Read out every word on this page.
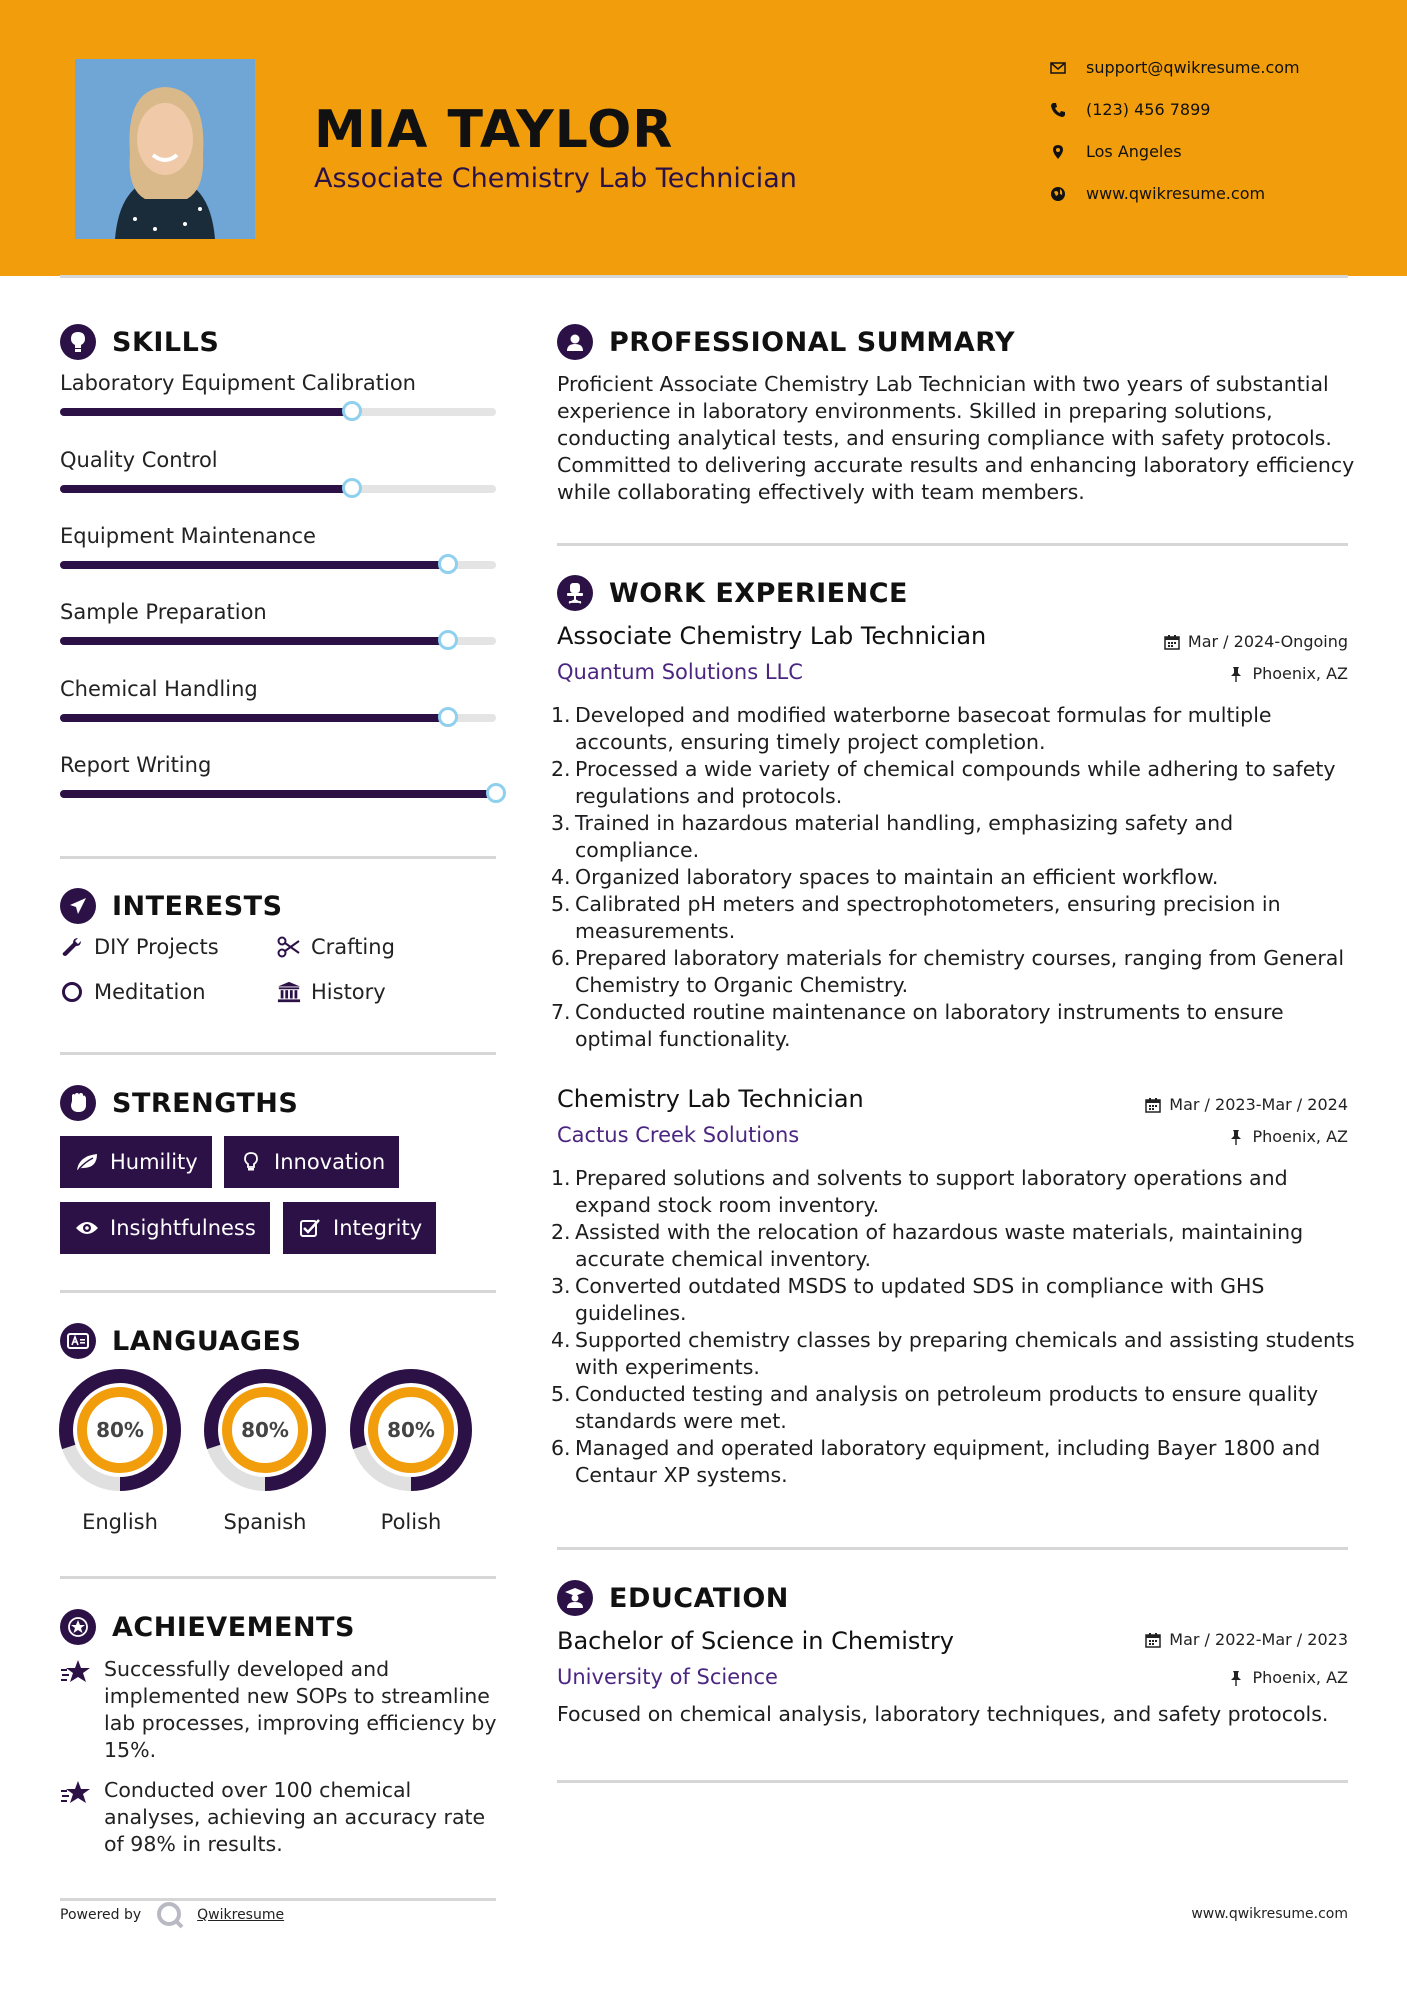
MIA TAYLOR
Associate Chemistry Lab Technician
support@qwikresume.com
(123) 456 7899
Los Angeles
www.qwikresume.com
SKILLS
Laboratory Equipment Calibration
Quality Control
Equipment Maintenance
Sample Preparation
Chemical Handling
Report Writing
INTERESTS
DIY Projects	Crafting
Meditation	History
STRENGTHS
Humility	Innovation
Insightfulness	Integrity
LANGUAGES
80%
English
80%
Spanish
80%
Polish
ACHIEVEMENTS
Successfully developed and implemented new SOPs to streamline lab processes, improving efficiency by 15%.
Conducted over 100 chemical analyses, achieving an accuracy rate of 98% in results.
PROFESSIONAL SUMMARY
Proficient Associate Chemistry Lab Technician with two years of substantial experience in laboratory environments. Skilled in preparing solutions, conducting analytical tests, and ensuring compliance with safety protocols. Committed to delivering accurate results and enhancing laboratory efficiency while collaborating effectively with team members.
WORK EXPERIENCE
Associate Chemistry Lab Technician	Mar / 2024-Ongoing
Quantum Solutions LLC	Phoenix, AZ
1. Developed and modified waterborne basecoat formulas for multiple accounts, ensuring timely project completion.
2. Processed a wide variety of chemical compounds while adhering to safety regulations and protocols.
3. Trained in hazardous material handling, emphasizing safety and compliance.
4. Organized laboratory spaces to maintain an efficient workflow.
5. Calibrated pH meters and spectrophotometers, ensuring precision in measurements.
6. Prepared laboratory materials for chemistry courses, ranging from General Chemistry to Organic Chemistry.
7. Conducted routine maintenance on laboratory instruments to ensure optimal functionality.
Chemistry Lab Technician	Mar / 2023-Mar / 2024
Cactus Creek Solutions	Phoenix, AZ
1. Prepared solutions and solvents to support laboratory operations and expand stock room inventory.
2. Assisted with the relocation of hazardous waste materials, maintaining accurate chemical inventory.
3. Converted outdated MSDS to updated SDS in compliance with GHS guidelines.
4. Supported chemistry classes by preparing chemicals and assisting students with experiments.
5. Conducted testing and analysis on petroleum products to ensure quality standards were met.
6. Managed and operated laboratory equipment, including Bayer 1800 and Centaur XP systems.
EDUCATION
Bachelor of Science in Chemistry	Mar / 2022-Mar / 2023
University of Science	Phoenix, AZ
Focused on chemical analysis, laboratory techniques, and safety protocols.
Powered by	Qwikresume	www.qwikresume.com
